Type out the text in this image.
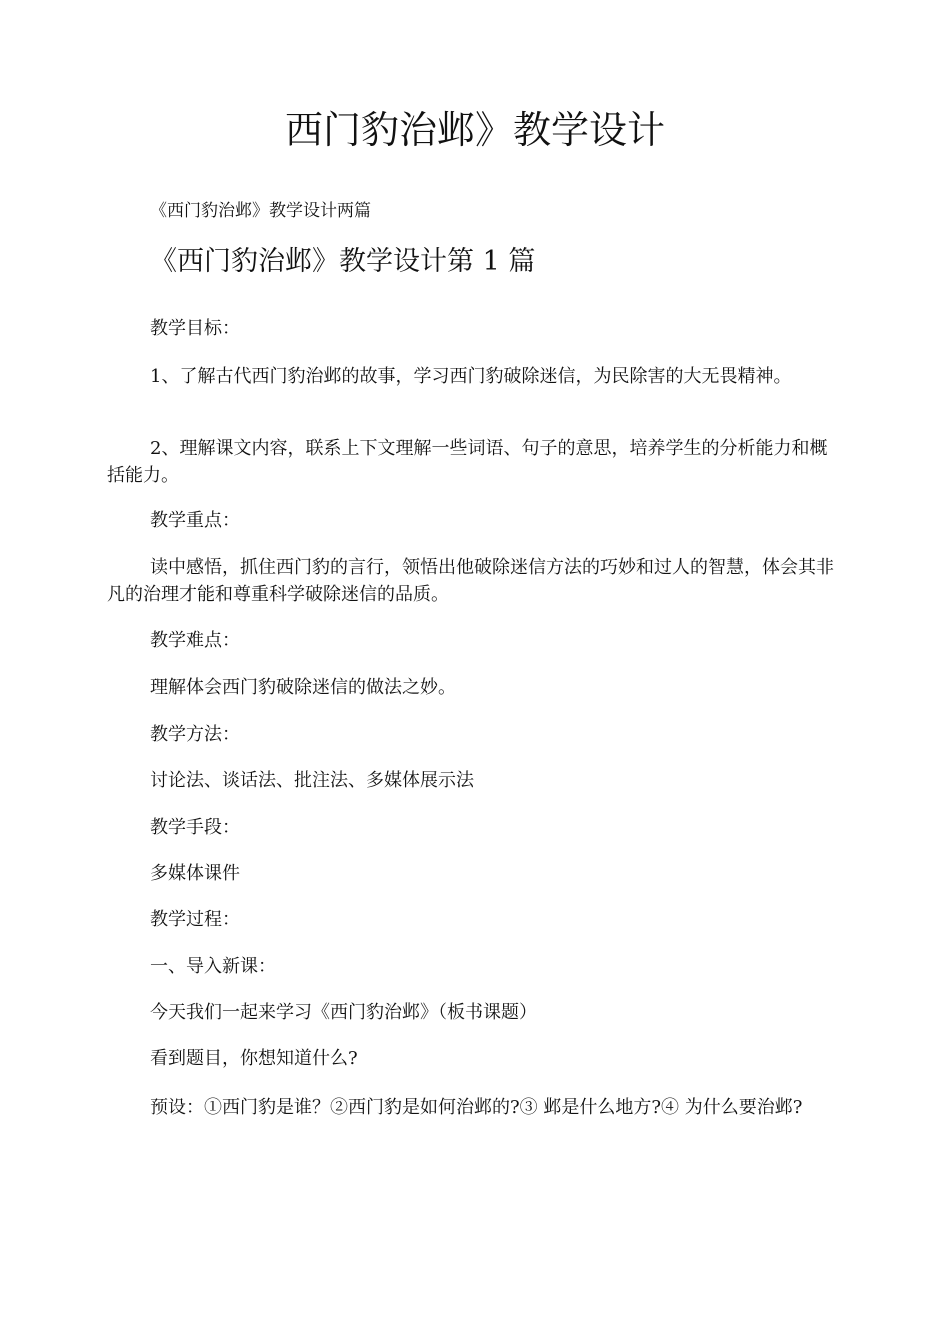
西门豹治邺》教学设计
《西门豹治邺》教学设计两篇
《西门豹治邺》教学设计第 1 篇

教学目标：

1、了解古代西门豹治邺的故事，学习西门豹破除迷信，为民除害的大无畏精神。

2、理解课文内容，联系上下文理解一些词语、句子的意思，培养学生的分析能力和概括能力。

教学重点：

读中感悟，抓住西门豹的言行，领悟出他破除迷信方法的巧妙和过人的智慧，体会其非凡的治理才能和尊重科学破除迷信的品质。

教学难点：

理解体会西门豹破除迷信的做法之妙。

教学方法：

讨论法、谈话法、批注法、多媒体展示法

教学手段：

多媒体课件

教学过程：

一、导入新课：

今天我们一起来学习《西门豹治邺》（板书课题）

看到题目，你想知道什么?

预设：①西门豹是谁？②西门豹是如何治邺的?③ 邺是什么地方?④ 为什么要治邺?
